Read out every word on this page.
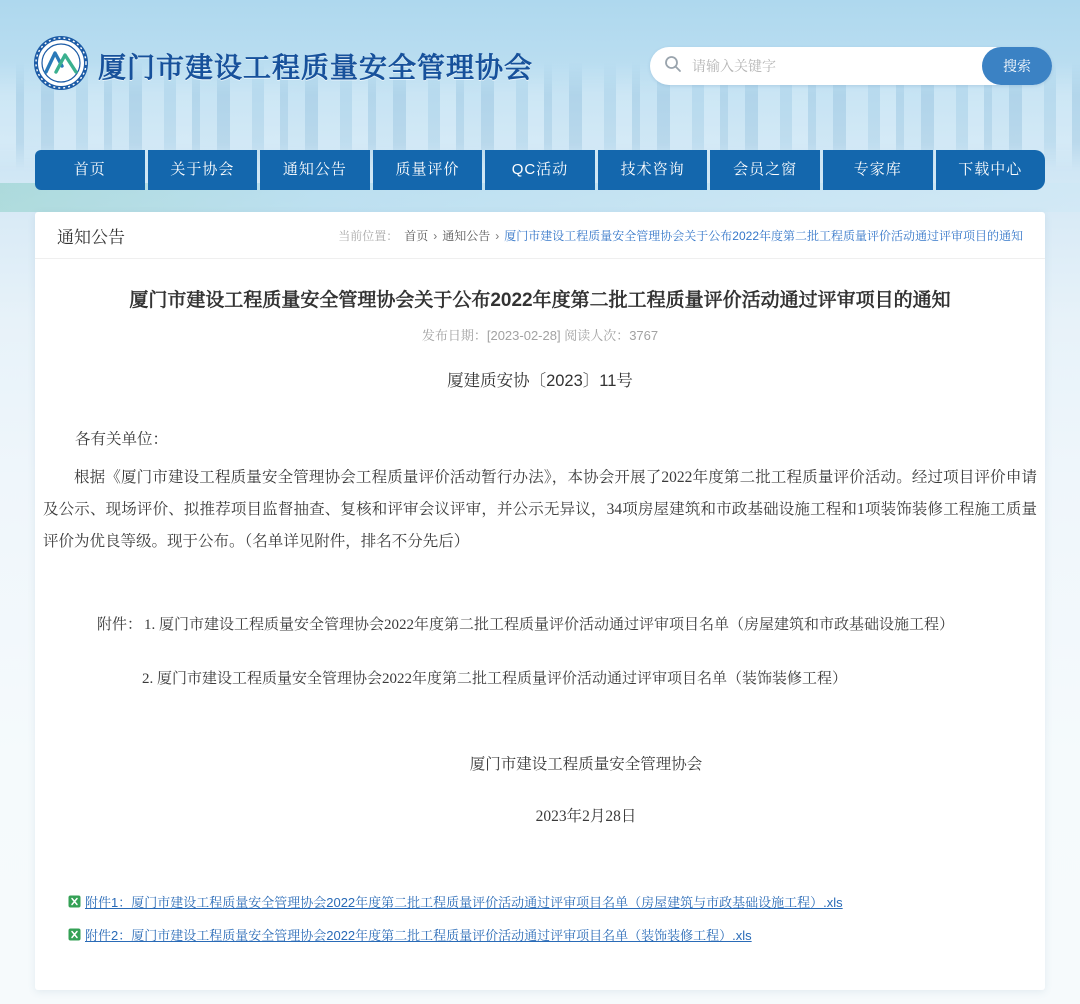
厦门市建设工程质量安全管理协会
请输入关键字	搜索
首页	关于协会	通知公告	质量评价	QC活动	技术咨询	会员之窗	专家库	下载中心
通知公告	当前位置： 首页 › 通知公告 › 厦门市建设工程质量安全管理协会关于公布2022年度第二批工程质量评价活动通过评审项目的通知
厦门市建设工程质量安全管理协会关于公布2022年度第二批工程质量评价活动通过评审项目的通知
发布日期：[2023-02-28] 阅读人次：3767
厦建质安协〔2023〕11号

各有关单位：

根据《厦门市建设工程质量安全管理协会工程质量评价活动暂行办法》，本协会开展了2022年度第二批工程质量评价活动。经过项目评价申请及公示、现场评价、拟推荐项目监督抽查、复核和评审会议评审，并公示无异议，34项房屋建筑和市政基础设施工程和1项装饰装修工程施工质量评价为优良等级。现于公布。（名单详见附件，排名不分先后）

附件： 1. 厦门市建设工程质量安全管理协会2022年度第二批工程质量评价活动通过评审项目名单（房屋建筑和市政基础设施工程）
2. 厦门市建设工程质量安全管理协会2022年度第二批工程质量评价活动通过评审项目名单（装饰装修工程）
厦门市建设工程质量安全管理协会
2023年2月28日
附件1：厦门市建设工程质量安全管理协会2022年度第二批工程质量评价活动通过评审项目名单（房屋建筑与市政基础设施工程）.xls
附件2：厦门市建设工程质量安全管理协会2022年度第二批工程质量评价活动通过评审项目名单（装饰装修工程）.xls
